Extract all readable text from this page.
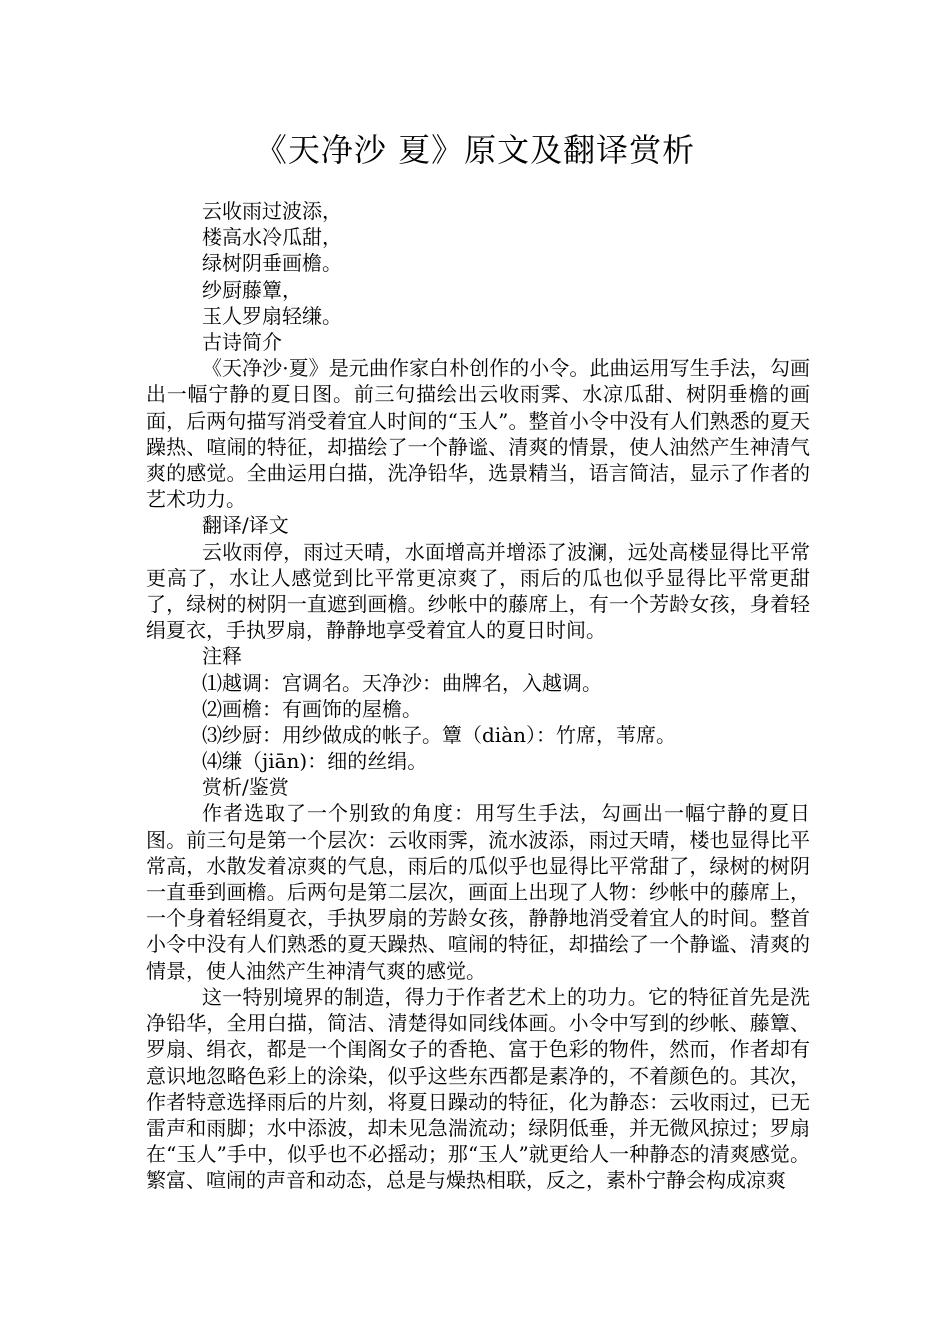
《天净沙 夏》原文及翻译赏析
云收雨过波添，
楼高水冷瓜甜，
绿树阴垂画檐。
纱厨藤簟，
玉人罗扇轻缣。
古诗简介

《天净沙·夏》是元曲作家白朴创作的小令。此曲运用写生手法，勾画出一幅宁静的夏日图。前三句描绘出云收雨霁、水凉瓜甜、树阴垂檐的画面，后两句描写消受着宜人时间的“玉人”。整首小令中没有人们熟悉的夏天躁热、喧闹的特征，却描绘了一个静谧、清爽的情景，使人油然产生神清气爽的感觉。全曲运用白描，洗净铅华，选景精当，语言简洁，显示了作者的艺术功力。

翻译/译文

云收雨停，雨过天晴，水面增高并增添了波澜，远处高楼显得比平常更高了，水让人感觉到比平常更凉爽了，雨后的瓜也似乎显得比平常更甜了，绿树的树阴一直遮到画檐。纱帐中的藤席上，有一个芳龄女孩，身着轻绢夏衣，手执罗扇，静静地享受着宜人的夏日时间。

注释
⑴越调：宫调名。天净沙：曲牌名，入越调。
⑵画檐：有画饰的屋檐。
⑶纱厨：用纱做成的帐子。簟（diàn）：竹席，苇席。
⑷缣（jiān)：细的丝绢。
赏析/鉴赏

作者选取了一个别致的角度：用写生手法，勾画出一幅宁静的夏日图。前三句是第一个层次：云收雨霁，流水波添，雨过天晴，楼也显得比平常高，水散发着凉爽的气息，雨后的瓜似乎也显得比平常甜了，绿树的树阴一直垂到画檐。后两句是第二层次，画面上出现了人物：纱帐中的藤席上，一个身着轻绢夏衣，手执罗扇的芳龄女孩，静静地消受着宜人的时间。整首小令中没有人们熟悉的夏天躁热、喧闹的特征，却描绘了一个静谧、清爽的情景，使人油然产生神清气爽的感觉。

这一特别境界的制造，得力于作者艺术上的功力。它的特征首先是洗净铅华，全用白描，简洁、清楚得如同线体画。小令中写到的纱帐、藤簟、罗扇、绢衣，都是一个闺阁女子的香艳、富于色彩的物件，然而，作者却有意识地忽略色彩上的涂染，似乎这些东西都是素净的，不着颜色的。其次，作者特意选择雨后的片刻，将夏日躁动的特征，化为静态：云收雨过，已无雷声和雨脚；水中添波，却未见急湍流动；绿阴低垂，并无微风掠过；罗扇在“玉人”手中，似乎也不必摇动；那“玉人”就更给人一种静态的清爽感觉。繁富、喧闹的声音和动态，总是与燥热相联，反之，素朴宁静会构成凉爽
